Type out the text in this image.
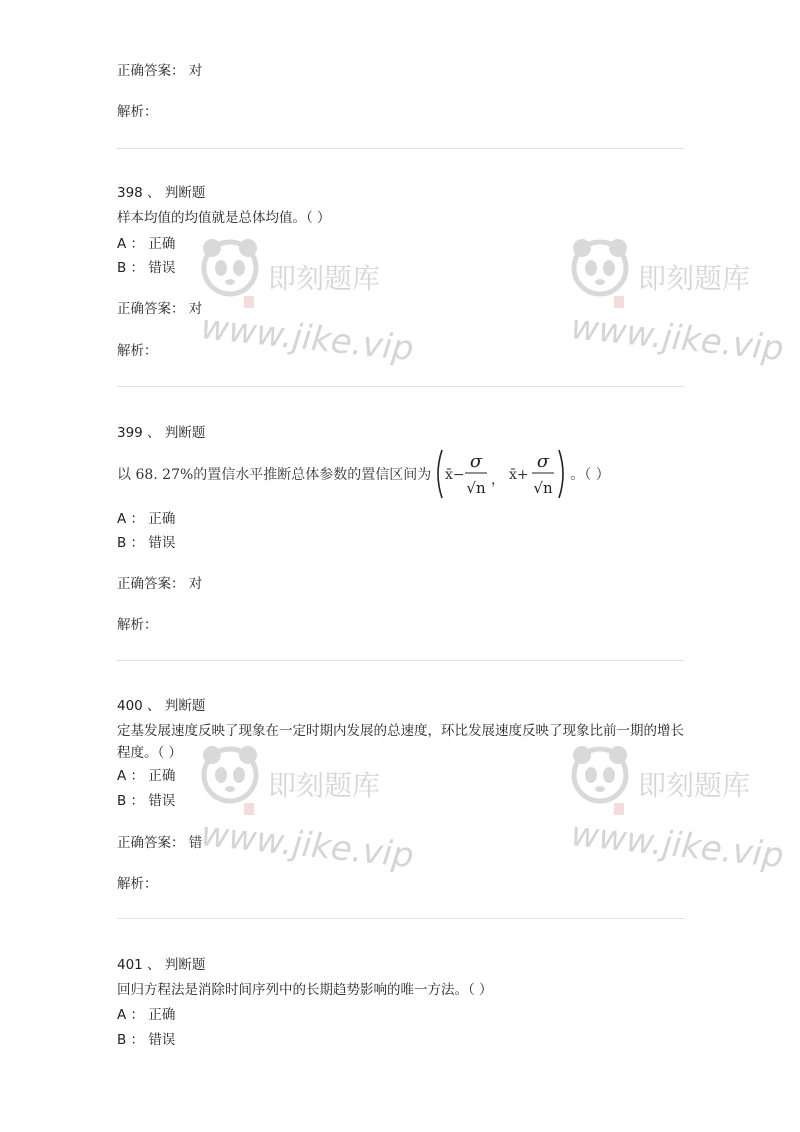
正确答案： 对
解析：
398 、 判断题
样本均值的均值就是总体均值。（ ）
A ： 正确
B ： 错误
正确答案： 对
解析：
399 、 判断题
以 68. 27%的置信水平推断总体参数的置信区间为 x̄−
σ
√n ， x̄+
σ
√n
。（ ）
A ： 正确
B ： 错误
正确答案： 对
解析：
400 、 判断题
定基发展速度反映了现象在一定时期内发展的总速度，环比发展速度反映了现象比前一期的增长程度。（ ）
A ： 正确
B ： 错误
正确答案： 错
解析：
401 、 判断题
回归方程法是消除时间序列中的长期趋势影响的唯一方法。（ ）
A ： 正确
B ： 错误
即刻题库
www.jike.vip
即刻题库
www.jike.vip
即刻题库
www.jike.vip
即刻题库
www.jike.vip
